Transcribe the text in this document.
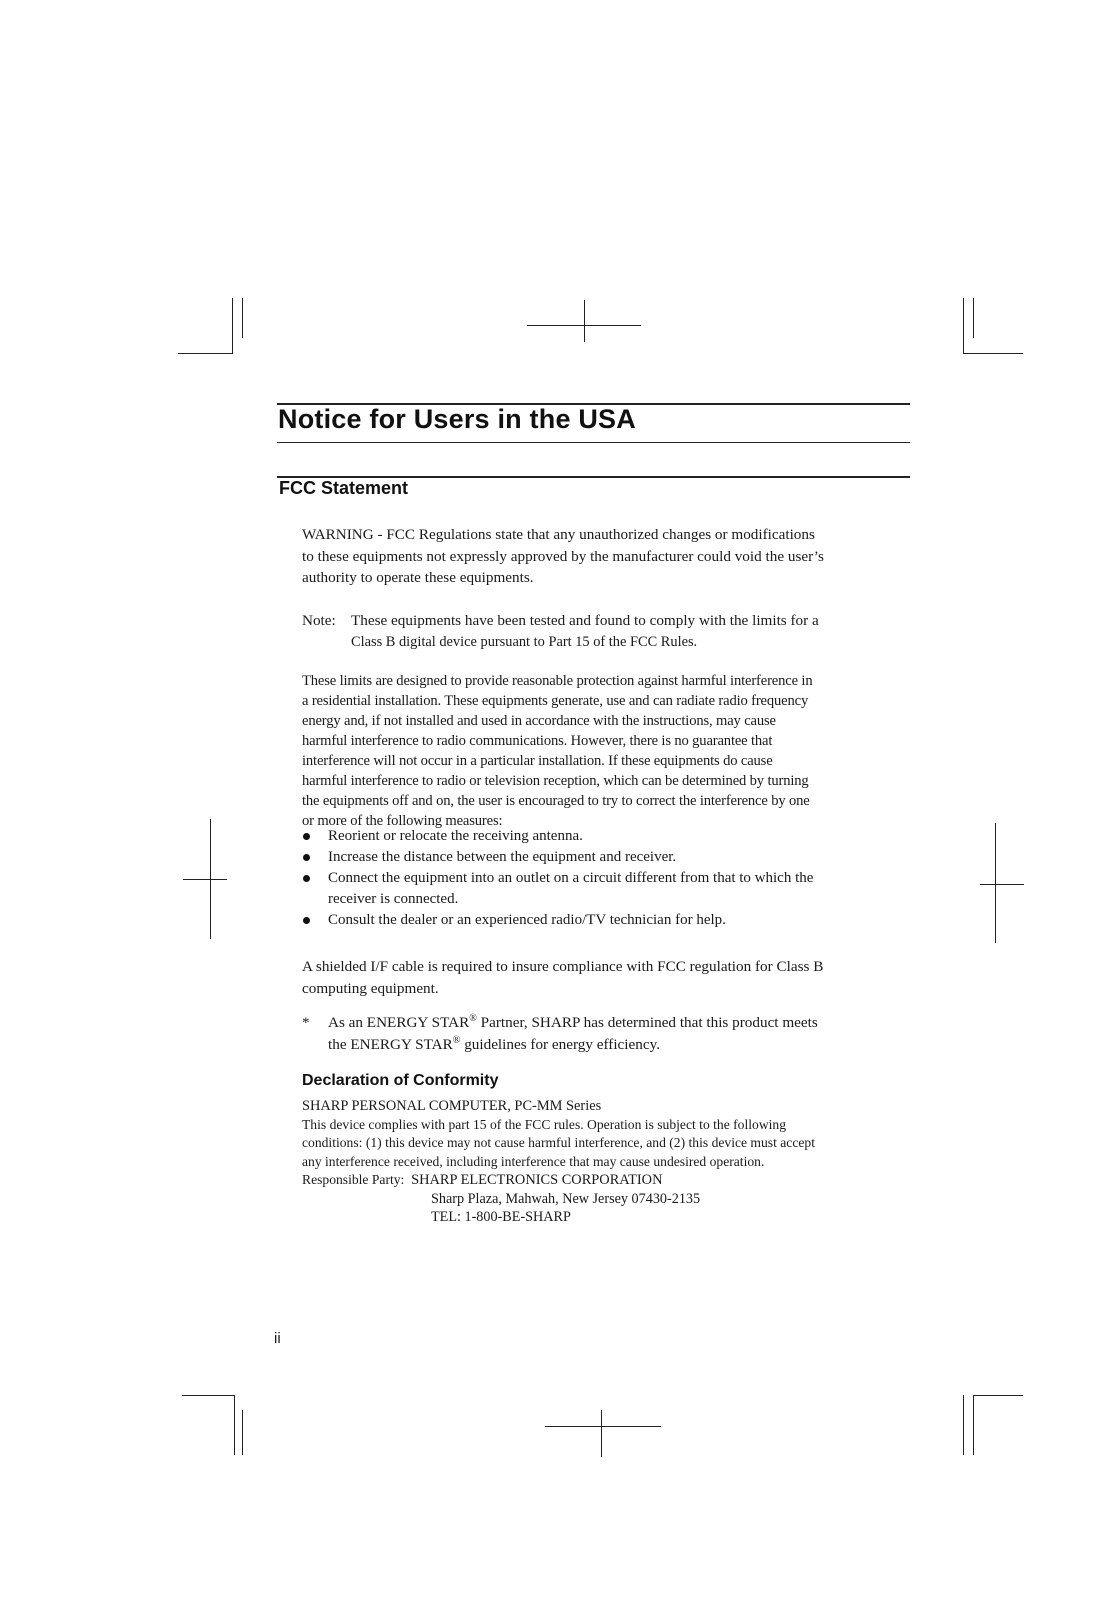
Notice for Users in the USA
FCC Statement
WARNING - FCC Regulations state that any unauthorized changes or modifications
to these equipments not expressly approved by the manufacturer could void the user’s
authority to operate these equipments.
Note:	These equipments have been tested and found to comply with the limits for a
Class B digital device pursuant to Part 15 of the FCC Rules.
These limits are designed to provide reasonable protection against harmful interference in
a residential installation. These equipments generate, use and can radiate radio frequency
energy and, if not installed and used in accordance with the instructions, may cause
harmful interference to radio communications. However, there is no guarantee that
interference will not occur in a particular installation. If these equipments do cause
harmful interference to radio or television reception, which can be determined by turning
the equipments off and on, the user is encouraged to try to correct the interference by one
or more of the following measures:
Reorient or relocate the receiving antenna.
Increase the distance between the equipment and receiver.
Connect the equipment into an outlet on a circuit different from that to which the
receiver is connected.
Consult the dealer or an experienced radio/TV technician for help.
A shielded I/F cable is required to insure compliance with FCC regulation for Class B
computing equipment.
*	As an ENERGY STAR® Partner, SHARP has determined that this product meets
the ENERGY STAR® guidelines for energy efficiency.
Declaration of Conformity
SHARP PERSONAL COMPUTER, PC-MM Series
This device complies with part 15 of the FCC rules. Operation is subject to the following
conditions: (1) this device may not cause harmful interference, and (2) this device must accept
any interference received, including interference that may cause undesired operation.
Responsible Party: SHARP ELECTRONICS CORPORATION
Sharp Plaza, Mahwah, New Jersey 07430-2135
TEL: 1-800-BE-SHARP
ii
